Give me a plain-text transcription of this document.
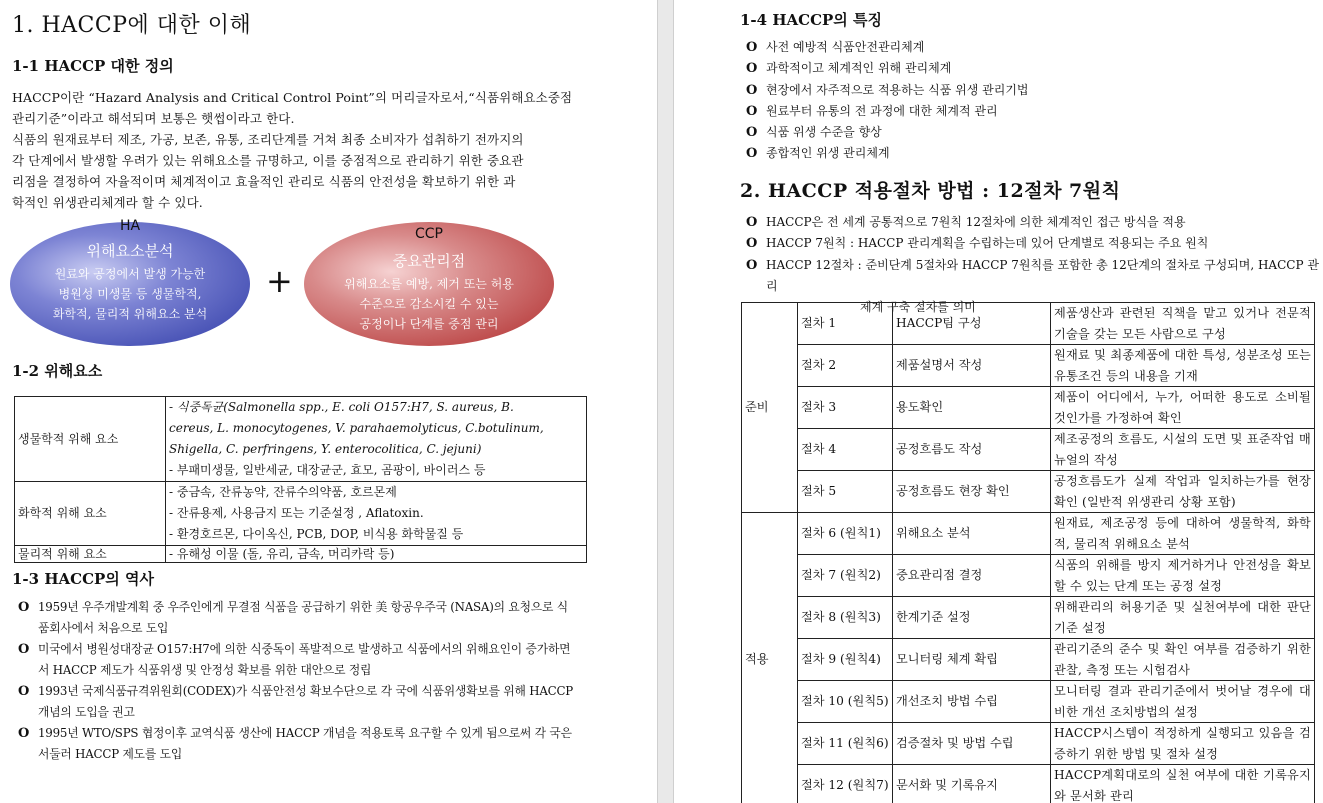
1. HACCP에 대한 이해
1-1 HACCP 대한 정의
HACCP이란 “Hazard Analysis and Critical Control Point”의 머리글자로서,“식품위해요소중점
관리기준”이라고 해석되며 보통은 햇썹이라고 한다.
식품의 원재료부터 제조, 가공, 보존, 유통, 조리단계를 거쳐 최종 소비자가 섭취하기 전까지의
각 단계에서 발생할 우려가 있는 위해요소를 규명하고, 이를 중점적으로 관리하기 위한 중요관
리점을 결정하여 자율적이며 체계적이고 효율적인 관리로 식품의 안전성을 확보하기 위한 과
학적인 위생관리체계라 할 수 있다.
HA
위해요소분석
원료와 공정에서 발생 가능한
병원성 미생물 등 생물학적,
화학적, 물리적 위해요소 분석
+
CCP
중요관리점
위해요소를 예방, 제거 또는 허용
수준으로 감소시킬 수 있는
공정이나 단계를 중점 관리
1-2 위해요소
생물학적 위해 요소	- 식중독균(Salmonella spp., E. coli O157:H7, S. aureus, B.
cereus, L. monocytogenes, V. parahaemolyticus, C.botulinum,
Shigella, C. perfringens, Y. enterocolitica, C. jejuni)
- 부패미생물, 일반세균, 대장균군, 효모, 곰팡이, 바이러스 등

화학적 위해 요소	- 중금속, 잔류농약, 잔류수의약품, 호르몬제
- 잔류용제, 사용금지 또는 기준설정 , Aflatoxin.
- 환경호르몬, 다이옥신, PCB, DOP, 비식용 화학물질 등

물리적 위해 요소	- 유해성 이물 (돌, 유리, 금속, 머리카락 등)
1-3 HACCP의 역사
O 1959년 우주개발계획 중 우주인에게 무결점 식품을 공급하기 위한 美 항공우주국 (NASA)의 요청으로 식
품회사에서 처음으로 도입
O 미국에서 병원성대장균 O157:H7에 의한 식중독이 폭발적으로 발생하고 식품에서의 위해요인이 증가하면
서 HACCP 제도가 식품위생 및 안정성 확보를 위한 대안으로 정립
O 1993년 국제식품규격위원회(CODEX)가 식품안전성 확보수단으로 각 국에 식품위생확보를 위해 HACCP
개념의 도입을 권고
O 1995년 WTO/SPS 협정이후 교역식품 생산에 HACCP 개념을 적용토록 요구할 수 있게 됨으로써 각 국은
서둘러 HACCP 제도를 도입
1-4 HACCP의 특징
O 사전 예방적 식품안전관리체계
O 과학적이고 체계적인 위해 관리체계
O 현장에서 자주적으로 적용하는 식품 위생 관리기법
O 원료부터 유통의 전 과정에 대한 체계적 관리
O 식품 위생 수준을 향상
O 종합적인 위생 관리체계
2. HACCP 적용절차 방법 : 12절차 7원칙
O HACCP은 전 세계 공통적으로 7원칙 12절차에 의한 체계적인 접근 방식을 적용
O HACCP 7원칙 : HACCP 관리계획을 수립하는데 있어 단계별로 적용되는 주요 원칙
O HACCP 12절차 : 준비단계 5절차와 HACCP 7원칙를 포함한 총 12단계의 절차로 구성되며, HACCP 관리
체계 구축 절차를 의미
준비	절차 1	HACCP팀 구성	제품생산과 관련된 직책을 맡고 있거나 전문적 기술을 갖는 모든 사람으로 구성
	절차 2	제품설명서 작성	원재료 및 최종제품에 대한 특성, 성분조성 또는 유통조건 등의 내용을 기재
	절차 3	용도확인	제품이 어디에서, 누가, 어떠한 용도로 소비될 것인가를 가정하여 확인
	절차 4	공정흐름도 작성	제조공정의 흐름도, 시설의 도면 및 표준작업 매뉴얼의 작성
	절차 5	공정흐름도 현장 확인	공정흐름도가 실제 작업과 일치하는가를 현장 확인 (일반적 위생관리 상황 포함)
적용	절차 6 (원칙1)	위해요소 분석	원재료, 제조공정 등에 대하여 생물학적, 화학적, 물리적 위해요소 분석
	절차 7 (원칙2)	중요관리점 결정	식품의 위해를 방지 제거하거나 안전성을 확보할 수 있는 단계 또는 공정 설정
	절차 8 (원칙3)	한계기준 설정	위해관리의 허용기준 및 실천여부에 대한 판단기준 설정
	절차 9 (원칙4)	모니터링 체계 확립	관리기준의 준수 및 확인 여부를 검증하기 위한 관찰, 측정 또는 시험검사
	절차 10 (원칙5)	개선조치 방법 수립	모니터링 결과 관리기준에서 벗어날 경우에 대비한 개선 조치방법의 설정
	절차 11 (원칙6)	검증절차 및 방법 수립	HACCP시스템이 적정하게 실행되고 있음을 검증하기 위한 방법 및 절차 설정
	절차 12 (원칙7)	문서화 및 기록유지	HACCP계획대로의 실천 여부에 대한 기록유지와 문서화 관리
